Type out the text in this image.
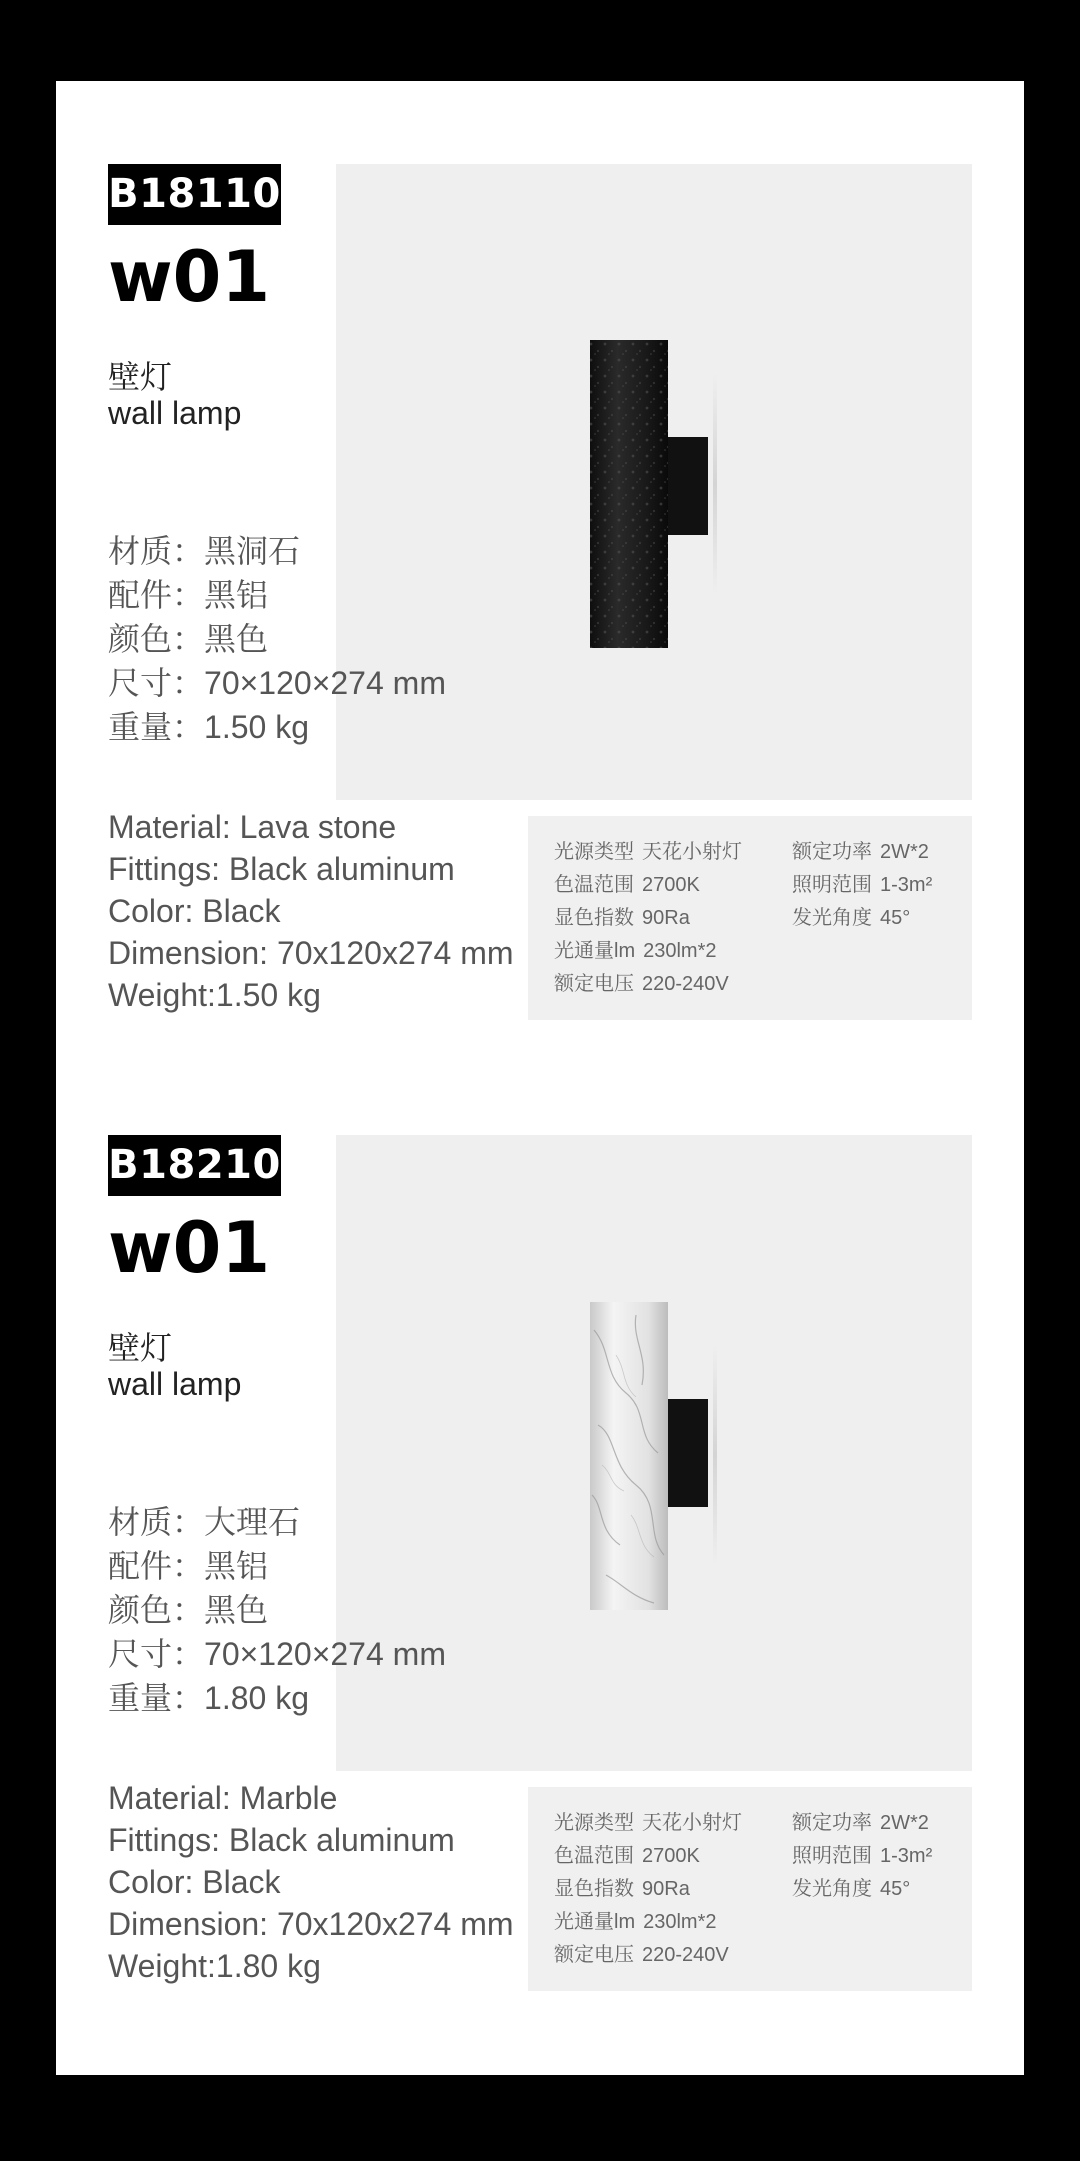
B18110
w01
壁灯
wall lamp
材质： 黑洞石
配件： 黑铝
颜色： 黑色
尺寸： 70×120×274 mm
重量： 1.50 kg
Material: Lava stone
Fittings: Black aluminum
Color: Black
Dimension: 70x120x274 mm
Weight:1.50 kg
光源类型 天花小射灯
色温范围 2700K
显色指数 90Ra
光通量lm 230lm*2
额定电压 220-240V
额定功率 2W*2
照明范围 1-3m²
发光角度 45°
B18210
w01
壁灯
wall lamp
材质： 大理石
配件： 黑铝
颜色： 黑色
尺寸： 70×120×274 mm
重量： 1.80 kg
Material: Marble
Fittings: Black aluminum
Color: Black
Dimension: 70x120x274 mm
Weight:1.80 kg
光源类型 天花小射灯
色温范围 2700K
显色指数 90Ra
光通量lm 230lm*2
额定电压 220-240V
额定功率 2W*2
照明范围 1-3m²
发光角度 45°
